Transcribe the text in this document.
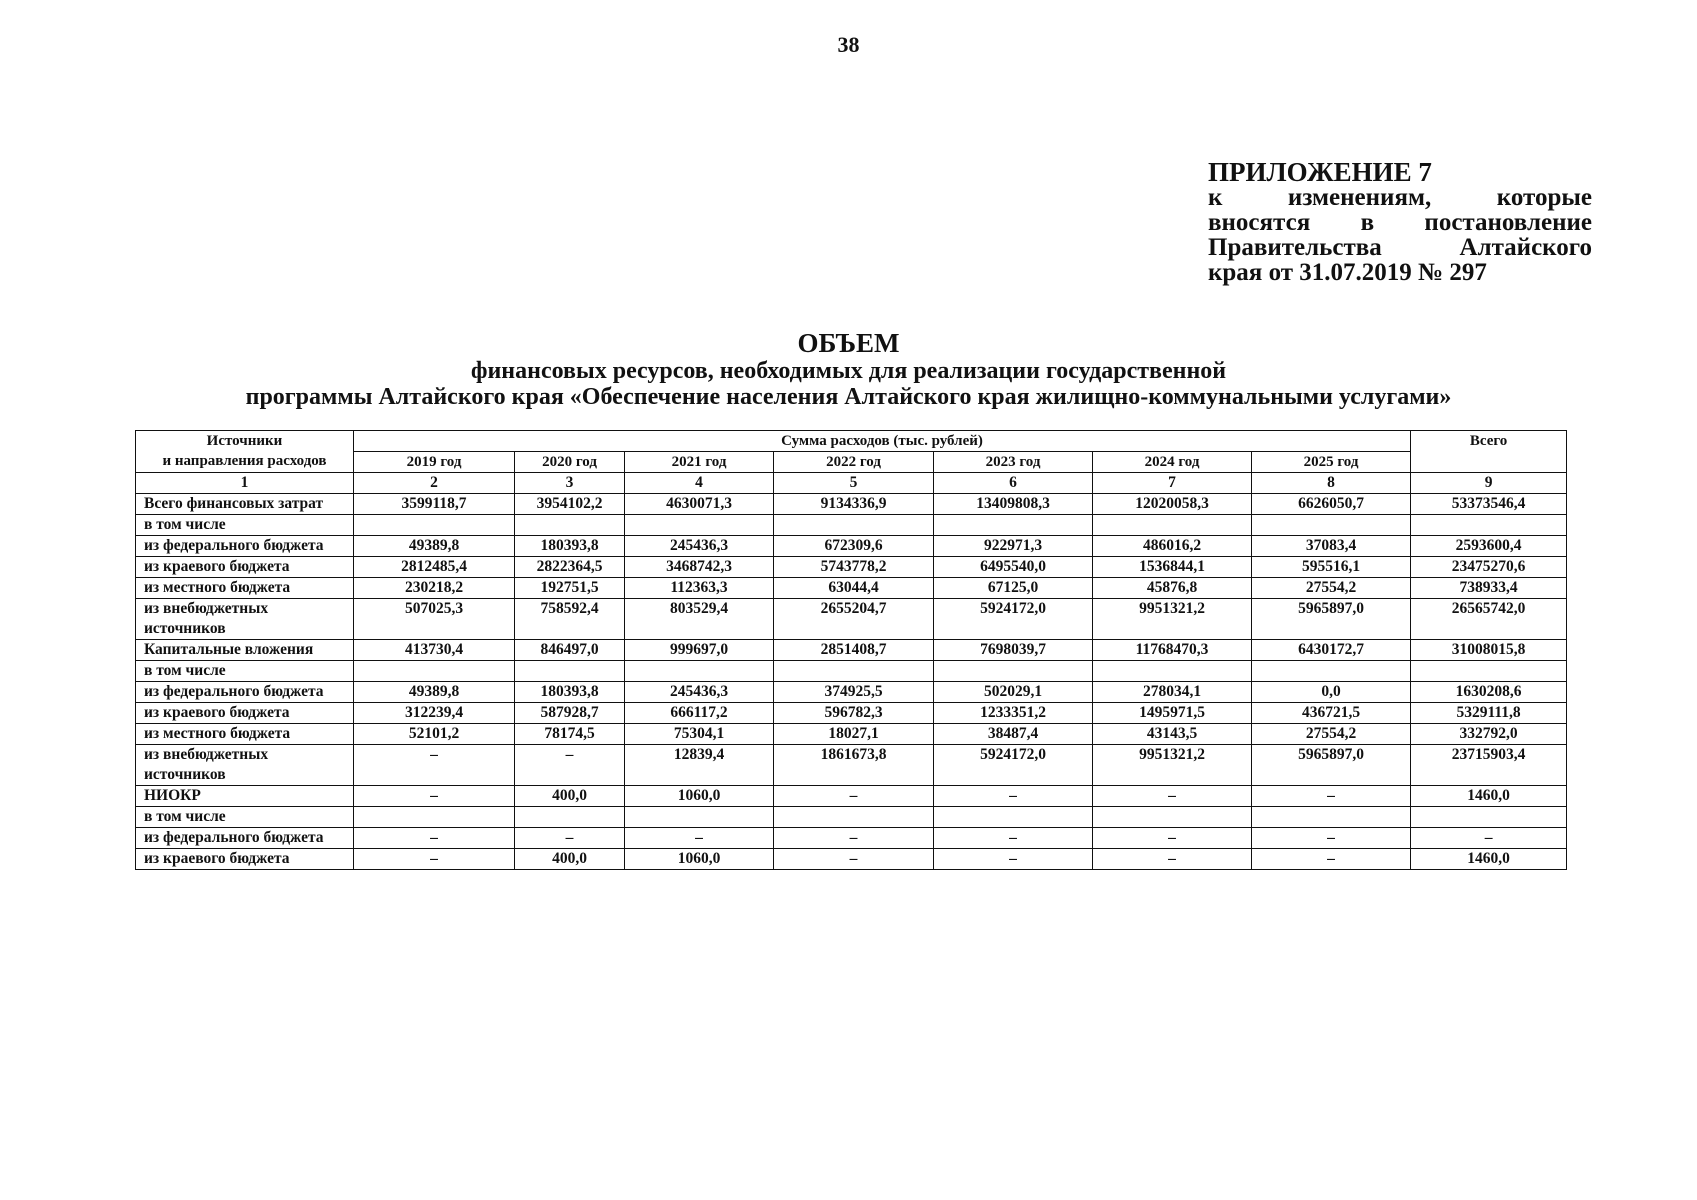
38
ПРИЛОЖЕНИЕ 7
к изменениям, которые
вносятся в постановление
Правительства Алтайского
края от 31.07.2019 № 297
ОБЪЕМ
финансовых ресурсов, необходимых для реализации государственной
программы Алтайского края «Обеспечение населения Алтайского края жилищно-коммунальными услугами»
Источники
и направления расходов	Сумма расходов (тыс. рублей)							Всего
	2019 год	2020 год	2021 год	2022 год	2023 год	2024 год	2025 год	
1	2	3	4	5	6	7	8	9
Всего финансовых затрат	3599118,7	3954102,2	4630071,3	9134336,9	13409808,3	12020058,3	6626050,7	53373546,4
в том числе								
из федерального бюджета	49389,8	180393,8	245436,3	672309,6	922971,3	486016,2	37083,4	2593600,4
из краевого бюджета	2812485,4	2822364,5	3468742,3	5743778,2	6495540,0	1536844,1	595516,1	23475270,6
из местного бюджета	230218,2	192751,5	112363,3	63044,4	67125,0	45876,8	27554,2	738933,4
из внебюджетных источников	507025,3	758592,4	803529,4	2655204,7	5924172,0	9951321,2	5965897,0	26565742,0
Капитальные вложения	413730,4	846497,0	999697,0	2851408,7	7698039,7	11768470,3	6430172,7	31008015,8
в том числе								
из федерального бюджета	49389,8	180393,8	245436,3	374925,5	502029,1	278034,1	0,0	1630208,6
из краевого бюджета	312239,4	587928,7	666117,2	596782,3	1233351,2	1495971,5	436721,5	5329111,8
из местного бюджета	52101,2	78174,5	75304,1	18027,1	38487,4	43143,5	27554,2	332792,0
из внебюджетных источников	–	–	12839,4	1861673,8	5924172,0	9951321,2	5965897,0	23715903,4
НИОКР	–	400,0	1060,0	–	–	–	–	1460,0
в том числе								
из федерального бюджета	–	–	–	–	–	–	–	–
из краевого бюджета	–	400,0	1060,0	–	–	–	–	1460,0
